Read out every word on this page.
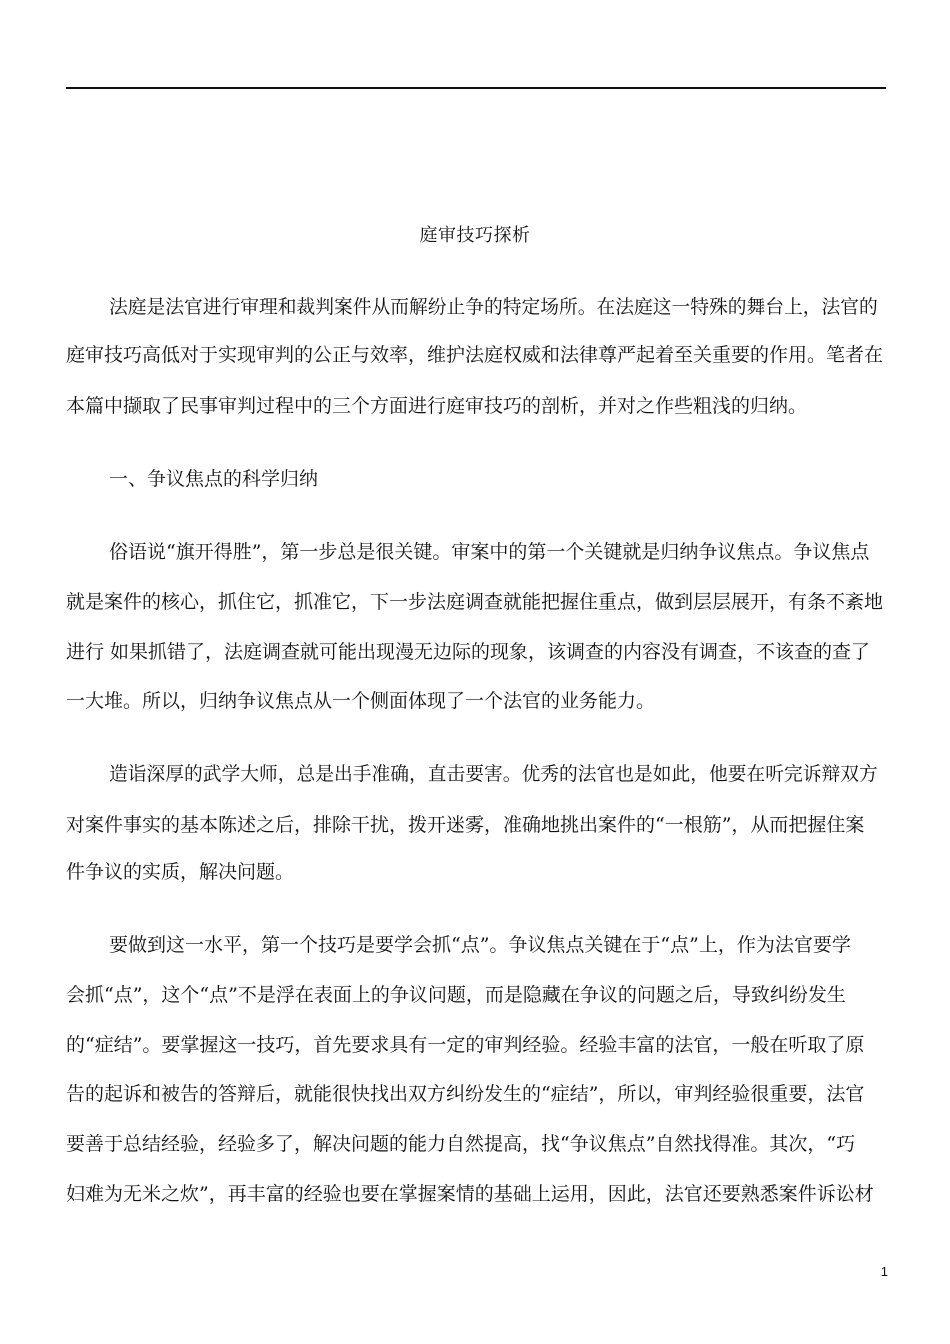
庭审技巧探析
法庭是法官进行审理和裁判案件从而解纷止争的特定场所。在法庭这一特殊的舞台上，法官的
庭审技巧高低对于实现审判的公正与效率，维护法庭权威和法律尊严起着至关重要的作用。笔者在
本篇中撷取了民事审判过程中的三个方面进行庭审技巧的剖析，并对之作些粗浅的归纳。
一、争议焦点的科学归纳
俗语说“旗开得胜”，第一步总是很关键。审案中的第一个关键就是归纳争议焦点。争议焦点
就是案件的核心，抓住它，抓准它，下一步法庭调查就能把握住重点，做到层层展开，有条不紊地
进行 如果抓错了，法庭调查就可能出现漫无边际的现象，该调查的内容没有调查，不该查的查了
一大堆。所以，归纳争议焦点从一个侧面体现了一个法官的业务能力。
造诣深厚的武学大师，总是出手准确，直击要害。优秀的法官也是如此，他要在听完诉辩双方
对案件事实的基本陈述之后，排除干扰，拨开迷雾，准确地挑出案件的“一根筋”，从而把握住案
件争议的实质，解决问题。
要做到这一水平，第一个技巧是要学会抓“点”。争议焦点关键在于“点”上，作为法官要学
会抓“点”，这个“点”不是浮在表面上的争议问题，而是隐藏在争议的问题之后，导致纠纷发生
的“症结”。要掌握这一技巧，首先要求具有一定的审判经验。经验丰富的法官，一般在听取了原
告的起诉和被告的答辩后，就能很快找出双方纠纷发生的“症结”，所以，审判经验很重要，法官
要善于总结经验，经验多了，解决问题的能力自然提高，找“争议焦点”自然找得准。其次，“巧
妇难为无米之炊”，再丰富的经验也要在掌握案情的基础上运用，因此，法官还要熟悉案件诉讼材
1
